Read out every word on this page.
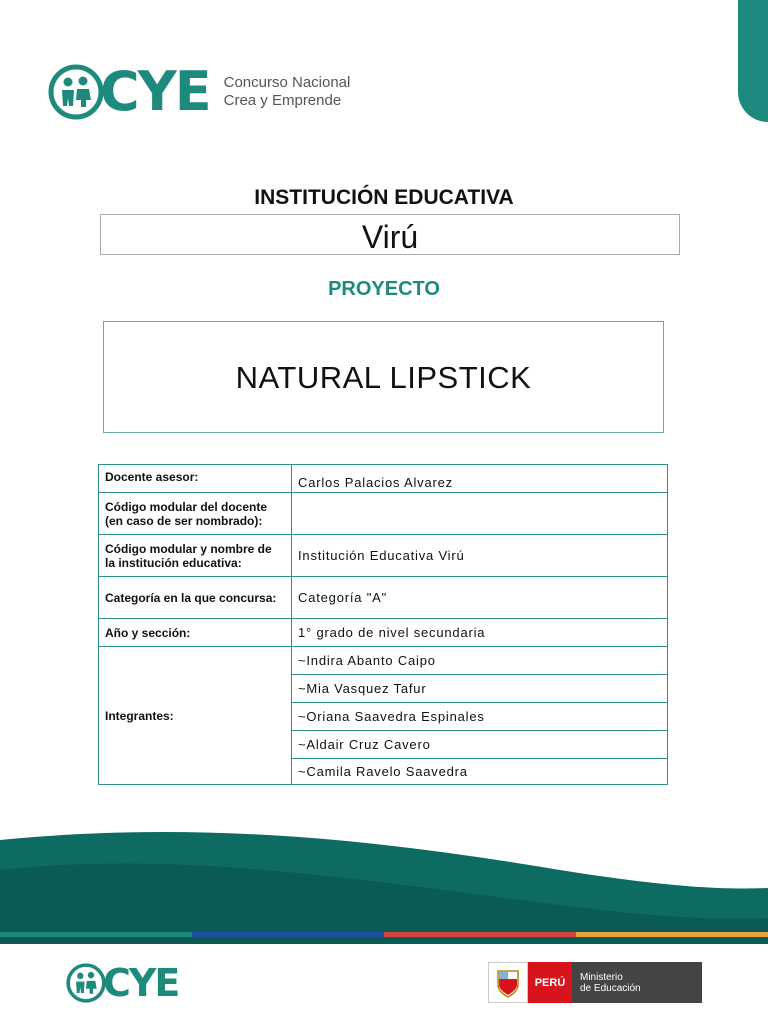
CYE Concurso Nacional
Crea y Emprende
INSTITUCIÓN EDUCATIVA
Virú
PROYECTO
NATURAL LIPSTICK
Docente asesor:	Carlos Palacios Alvarez
Código modular del docente (en caso de ser nombrado):	
Código modular y nombre de la institución educativa:	Institución Educativa Virú
Categoría en la que concursa:	Categoría "A"
Año y sección:	1° grado de nivel secundaria
Integrantes:	~Indira Abanto Caipo
	~Mia Vasquez Tafur
	~Oriana Saavedra Espinales
	~Aldair Cruz Cavero
	~Camila Ravelo Saavedra
CYE	PERÚ	Ministerio
de Educación
